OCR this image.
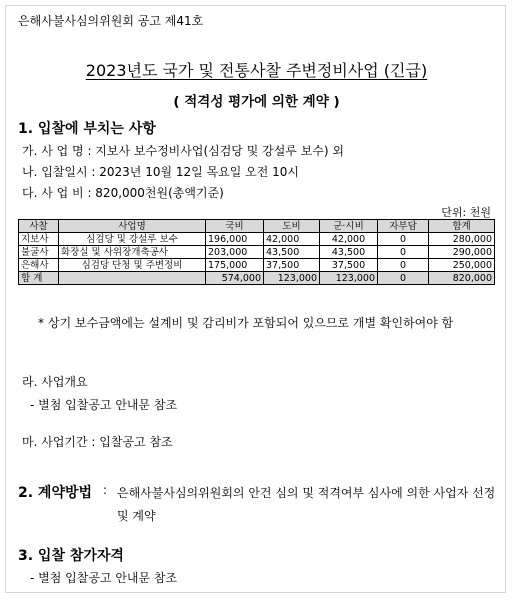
은해사불사심의위원회 공고 제41호
2023년도 국가 및 전통사찰 주변정비사업 (긴급)
( 적격성 평가에 의한 계약 )
1. 입찰에 부치는 사항
가. 사 업 명 : 지보사 보수정비사업(심검당 및 강설루 보수) 외
나. 입찰일시 : 2023년 10월 12일 목요일 오전 10시
다. 사 업 비 : 820,000천원(총액기준)
단위: 천원
사찰	사업명	국비	도비	군·시비	자부담	합계
지보사	심검당 및 강설루 보수	196,000	42,000	42,000	0	280,000
불굴사	화장실 및 사위장개축공사	203,000	43,500	43,500	0	290,000
은해사	심검당 단청 및 주변정비	175,000	37,500	37,500	0	250,000
합 계		574,000	123,000	123,000	0	820,000
* 상기 보수금액에는 설계비 및 감리비가 포함되어 있으므로 개별 확인하여야 함
라. 사업개요
- 별첨 입찰공고 안내문 참조
마. 사업기간 : 입찰공고 참조
2. 계약방법 : 은해사불사심의위원회의 안건 심의 및 적격여부 심사에 의한 사업자 선정 및 계약
3. 입찰 참가자격
- 별첨 입찰공고 안내문 참조
